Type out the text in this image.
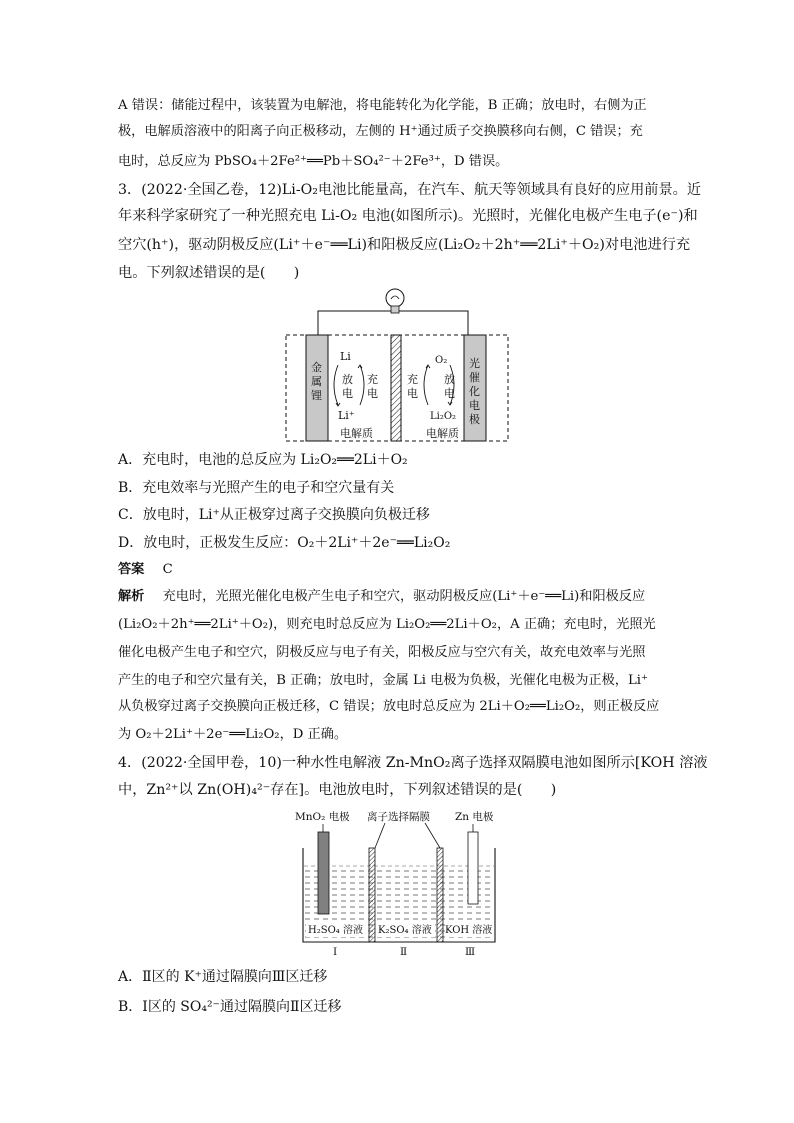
A 错误：储能过程中，该装置为电解池，将电能转化为化学能，B 正确；放电时，右侧为正
极，电解质溶液中的阳离子向正极移动，左侧的 H⁺通过质子交换膜移向右侧，C 错误；充
电时，总反应为 PbSO₄＋2Fe²⁺══Pb＋SO₄²⁻＋2Fe³⁺，D 错误。
3．(2022·全国乙卷，12)Li-O₂电池比能量高，在汽车、航天等领域具有良好的应用前景。近
年来科学家研究了一种光照充电 Li-O₂ 电池(如图所示)。光照时，光催化电极产生电子(e⁻)和
空穴(h⁺)，驱动阴极反应(Li⁺＋e⁻══Li)和阳极反应(Li₂O₂＋2h⁺══2Li⁺＋O₂)对电池进行充
电。下列叙述错误的是(　　)
金
属
锂
光
催
化
电
极
Li
放
电
充
电
Li⁺
电解质
O₂
充
电
放
电
Li₂O₂
电解质
A．充电时，电池的总反应为 Li₂O₂══2Li＋O₂
B．充电效率与光照产生的电子和空穴量有关
C．放电时，Li⁺从正极穿过离子交换膜向负极迁移
D．放电时，正极发生反应：O₂＋2Li⁺＋2e⁻══Li₂O₂
答案 C
解析 充电时，光照光催化电极产生电子和空穴，驱动阴极反应(Li⁺＋e⁻══Li)和阳极反应
(Li₂O₂＋2h⁺══2Li⁺＋O₂)，则充电时总反应为 Li₂O₂══2Li＋O₂，A 正确；充电时，光照光
催化电极产生电子和空穴，阴极反应与电子有关，阳极反应与空穴有关，故充电效率与光照
产生的电子和空穴量有关，B 正确；放电时，金属 Li 电极为负极，光催化电极为正极，Li⁺
从负极穿过离子交换膜向正极迁移，C 错误；放电时总反应为 2Li＋O₂══Li₂O₂，则正极反应
为 O₂＋2Li⁺＋2e⁻══Li₂O₂，D 正确。
4．(2022·全国甲卷，10)一种水性电解液 Zn-MnO₂离子选择双隔膜电池如图所示[KOH 溶液
中，Zn²⁺以 Zn(OH)₄²⁻存在]。电池放电时，下列叙述错误的是(　　)
MnO₂ 电极 离子选择隔膜 Zn 电极
H₂SO₄ 溶液 K₂SO₄ 溶液 KOH 溶液
Ⅰ	Ⅱ	Ⅲ
A．Ⅱ区的 K⁺通过隔膜向Ⅲ区迁移
B．Ⅰ区的 SO₄²⁻通过隔膜向Ⅱ区迁移
